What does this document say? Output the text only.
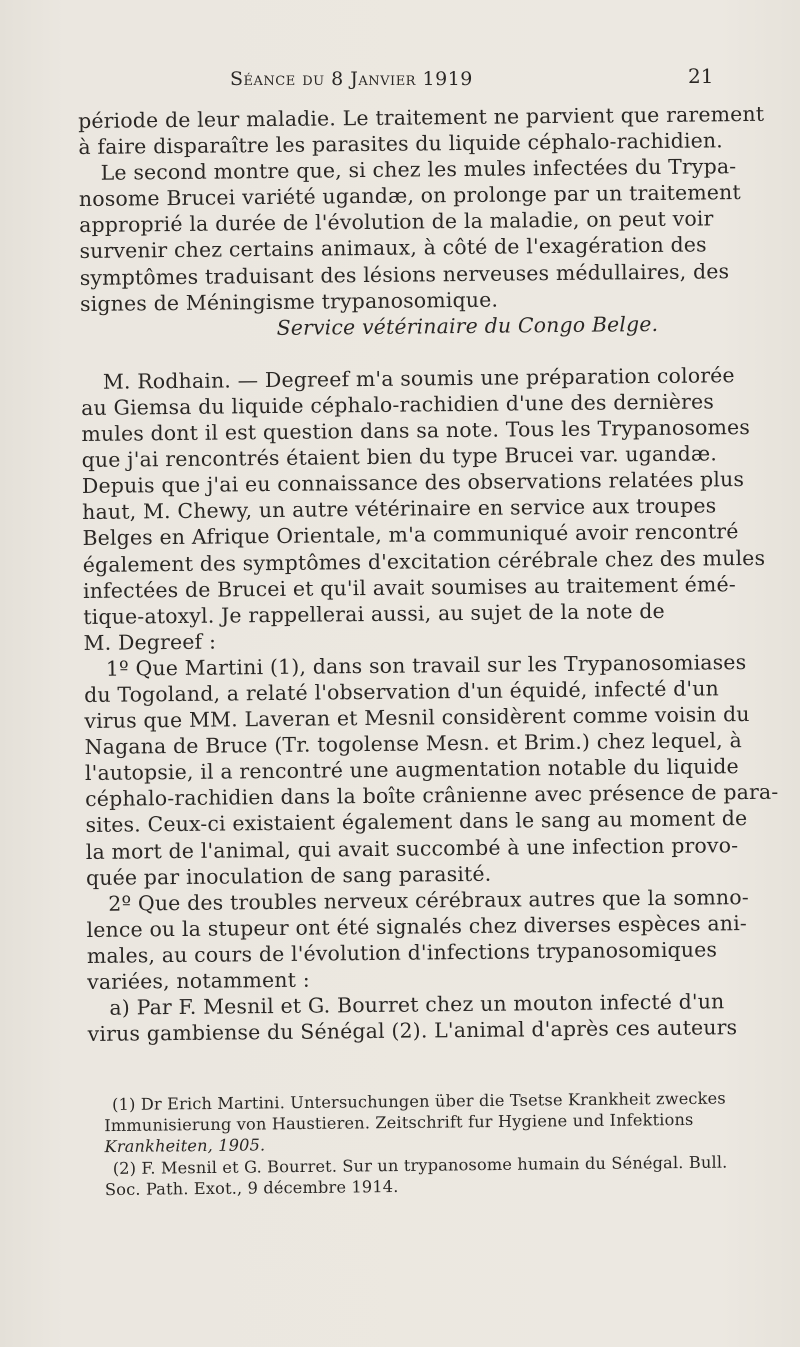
Séance du 8 Janvier 1919	21
période de leur maladie. Le traitement ne parvient que rarement
à faire disparaître les parasites du liquide céphalo-rachidien.
Le second montre que, si chez les mules infectées du Trypa-
nosome Brucei variété ugandæ, on prolonge par un traitement
approprié la durée de l'évolution de la maladie, on peut voir
survenir chez certains animaux, à côté de l'exagération des
symptômes traduisant des lésions nerveuses médullaires, des
signes de Méningisme trypanosomique.
Service vétérinaire du Congo Belge.
M. Rodhain. — Degreef m'a soumis une préparation colorée
au Giemsa du liquide céphalo-rachidien d'une des dernières
mules dont il est question dans sa note. Tous les Trypanosomes
que j'ai rencontrés étaient bien du type Brucei var. ugandæ.
Depuis que j'ai eu connaissance des observations relatées plus
haut, M. Chewy, un autre vétérinaire en service aux troupes
Belges en Afrique Orientale, m'a communiqué avoir rencontré
également des symptômes d'excitation cérébrale chez des mules
infectées de Brucei et qu'il avait soumises au traitement émé-
tique-atoxyl. Je rappellerai aussi, au sujet de la note de
M. Degreef :
1º Que Martini (1), dans son travail sur les Trypanosomiases
du Togoland, a relaté l'observation d'un équidé, infecté d'un
virus que MM. Laveran et Mesnil considèrent comme voisin du
Nagana de Bruce (Tr. togolense Mesn. et Brim.) chez lequel, à
l'autopsie, il a rencontré une augmentation notable du liquide
céphalo-rachidien dans la boîte crânienne avec présence de para-
sites. Ceux-ci existaient également dans le sang au moment de
la mort de l'animal, qui avait succombé à une infection provo-
quée par inoculation de sang parasité.
2º Que des troubles nerveux cérébraux autres que la somno-
lence ou la stupeur ont été signalés chez diverses espèces ani-
males, au cours de l'évolution d'infections trypanosomiques
variées, notamment :
a) Par F. Mesnil et G. Bourret chez un mouton infecté d'un
virus gambiense du Sénégal (2). L'animal d'après ces auteurs
(1) Dr Erich Martini. Untersuchungen über die Tsetse Krankheit zweckes
Immunisierung von Haustieren. Zeitschrift fur Hygiene und Infektions
Krankheiten, 1905.
(2) F. Mesnil et G. Bourret. Sur un trypanosome humain du Sénégal. Bull.
Soc. Path. Exot., 9 décembre 1914.
